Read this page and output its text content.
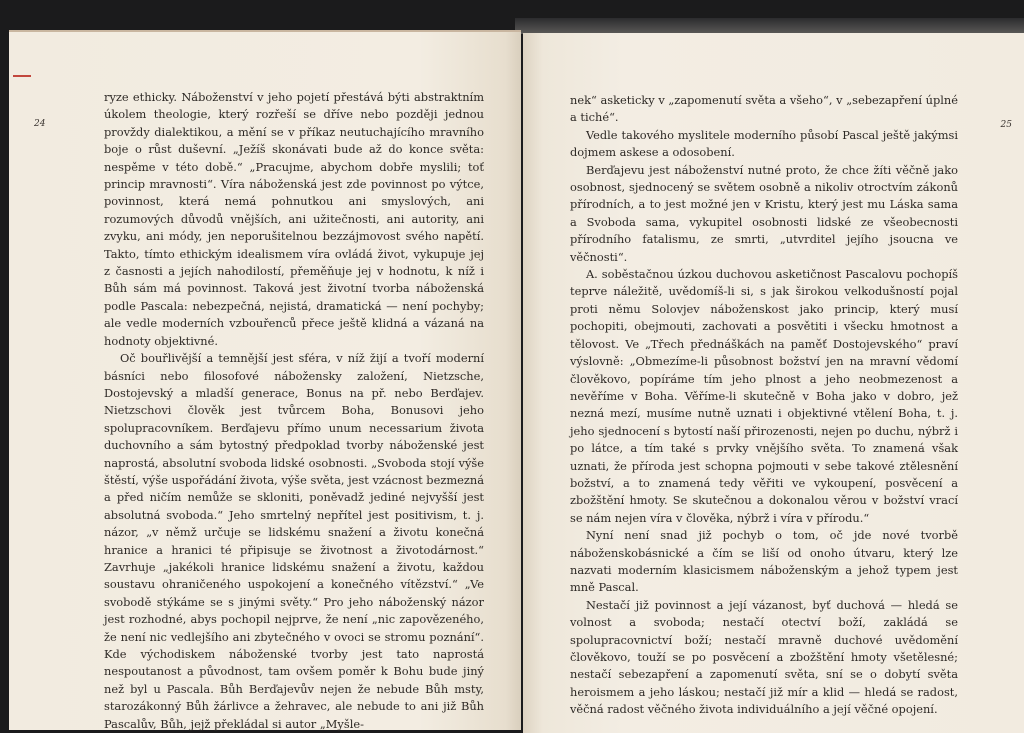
24	25

ryze ethicky. Náboženství v jeho pojetí přestává býti abstraktním úkolem theologie, který rozřeší se dříve nebo později jednou provždy dialektikou, a mění se v příkaz neutuchajícího mravního boje o růst duševní. „Ježíš skonávati bude až do konce světa: nespěme v této době.“ „Pracujme, abychom dobře myslili; toť princip mravnosti“. Víra náboženská jest zde povinnost po výtce, povinnost, která nemá pohnutkou ani smyslových, ani rozumových důvodů vnějších, ani užitečnosti, ani autority, ani zvyku, ani módy, jen neporušitelnou bezzájmovost svého napětí. Takto, tímto ethickým idealismem víra ovládá život, vykupuje jej z časnosti a jejích nahodilostí, přeměňuje jej v hodnotu, k níž i Bůh sám má povinnost. Taková jest životní tvorba náboženská podle Pascala: nebezpečná, nejistá, dramatická — není pochyby; ale vedle moderních vzbouřenců přece ještě klidná a vázaná na hodnoty objektivné.

Oč bouřlivější a temnější jest sféra, v níž žijí a tvoří moderní básníci nebo filosofové nábožensky založení, Nietzsche, Dostojevský a mladší generace, Bonus na př. nebo Berďajev. Nietzschovi člověk jest tvůrcem Boha, Bonusovi jeho spolupracovníkem. Berďajevu přímo unum necessarium života duchovního a sám bytostný předpoklad tvorby náboženské jest naprostá, absolutní svoboda lidské osobnosti. „Svoboda stojí výše štěstí, výše uspořádání života, výše světa, jest vzácnost bezmezná a před ničím nemůže se skloniti, poněvadž jediné nejvyšší jest absolutná svoboda.“ Jeho smrtelný nepřítel jest positivism, t. j. názor, „v němž určuje se lidskému snažení a životu konečná hranice a hranici té připisuje se životnost a životodárnost.“ Zavrhuje „jakékoli hranice lidskému snažení a životu, každou soustavu ohraničeného uspokojení a konečného vítězství.“ „Ve svobodě stýkáme se s jinými světy.“ Pro jeho náboženský názor jest rozhodné, abys pochopil nejprve, že není „nic zapovězeného, že není nic vedlejšího ani zbytečného v ovoci se stromu poznání“. Kde východiskem náboženské tvorby jest tato naprostá nespoutanost a původnost, tam ovšem poměr k Bohu bude jiný než byl u Pascala. Bůh Berďajevův nejen že nebude Bůh msty, starozákonný Bůh žárlivce a žehravec, ale nebude to ani již Bůh Pascalův, Bůh, jejž překládal si autor „Myšle-

nek“ asketicky v „zapomenutí světa a všeho“, v „sebezapření úplné a tiché“.

Vedle takového myslitele moderního působí Pascal ještě jakýmsi dojmem askese a odosobení.

Berďajevu jest náboženství nutné proto, že chce žíti věčně jako osobnost, sjednocený se světem osobně a nikoliv otroctvím zákonů přírodních, a to jest možné jen v Kristu, který jest mu Láska sama a Svoboda sama, vykupitel osobnosti lidské ze všeobecnosti přírodního fatalismu, ze smrti, „utvrditel jejího jsoucna ve věčnosti“.

A. soběstačnou úzkou duchovou asketičnost Pascalovu pochopíš teprve náležitě, uvědomíš-li si, s jak širokou velkodušností pojal proti němu Solovjev náboženskost jako princip, který musí pochopiti, obejmouti, zachovati a posvětiti i všecku hmotnost a tělovost. Ve „Třech přednáškách na paměť Dostojevského“ praví výslovně: „Obmezíme-li působnost božství jen na mravní vědomí člověkovo, popíráme tím jeho plnost a jeho neobmezenost a nevěříme v Boha. Věříme-li skutečně v Boha jako v dobro, jež nezná mezí, musíme nutně uznati i objektivné vtělení Boha, t. j. jeho sjednocení s bytostí naší přirozenosti, nejen po duchu, nýbrž i po látce, a tím také s prvky vnějšího světa. To znamená však uznati, že příroda jest schopna pojmouti v sebe takové ztělesnění božství, a to znamená tedy věřiti ve vykoupení, posvěcení a zbožštění hmoty. Se skutečnou a dokonalou věrou v božství vrací se nám nejen víra v člověka, nýbrž i víra v přírodu.“

Nyní není snad již pochyb o tom, oč jde nové tvorbě náboženskobásnické a čím se liší od onoho útvaru, který lze nazvati moderním klasicismem náboženským a jehož typem jest mně Pascal.

Nestačí již povinnost a její vázanost, byť duchová — hledá se volnost a svoboda; nestačí otectví boží, zakládá se spolupracovnictví boží; nestačí mravně duchové uvědomění člověkovo, touží se po posvěcení a zbožštění hmoty všetělesné; nestačí sebezapření a zapomenutí světa, sní se o dobytí světa heroismem a jeho láskou; nestačí již mír a klid — hledá se radost, věčná radost věčného života individuálního a její věčné opojení.
